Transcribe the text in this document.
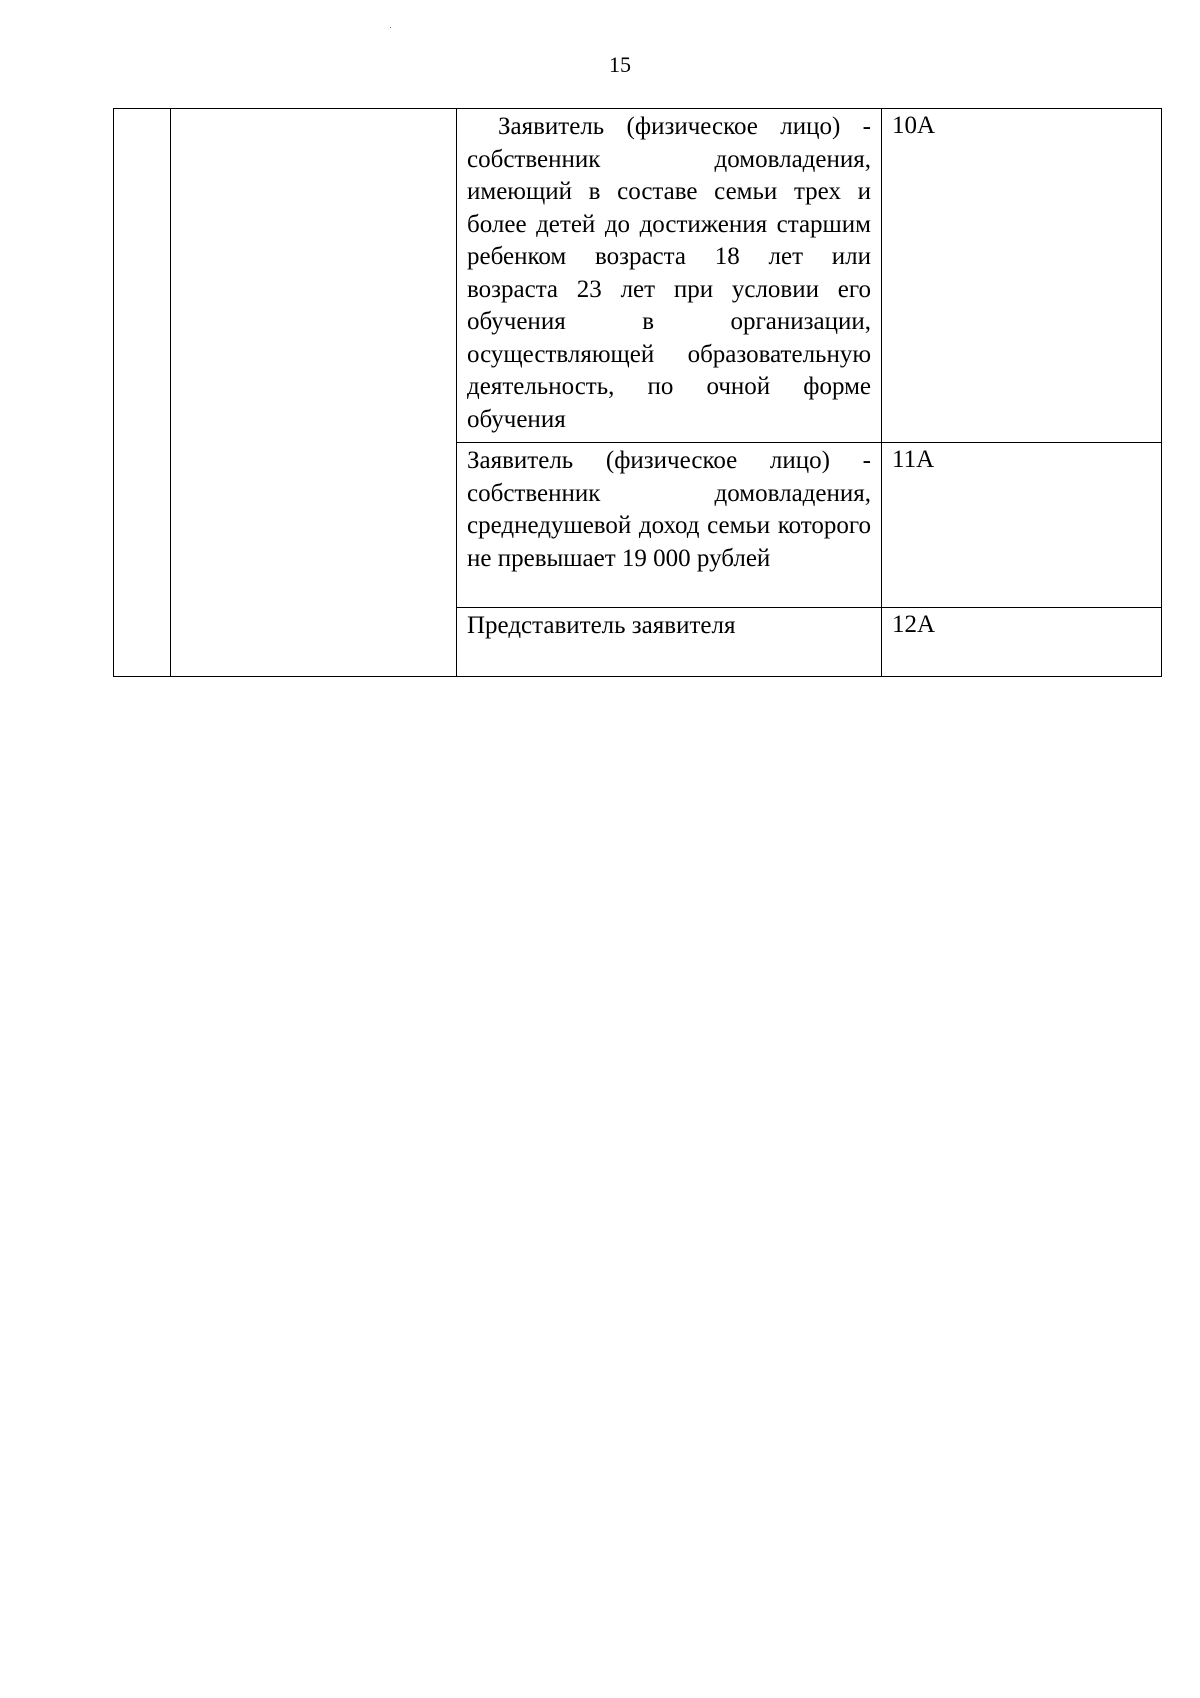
15
		Заявитель (физическое лицо) - собственник домовладения, имеющий в составе семьи трех и более детей до достижения старшим ребенком возраста 18 лет или возраста 23 лет при условии его обучения в организации, осуществляющей образовательную деятельность, по очной форме обучения	10А
		Заявитель (физическое лицо) - собственник домовладения, среднедушевой доход семьи которого не превышает 19 000 рублей	11А
		Представитель заявителя	12А
